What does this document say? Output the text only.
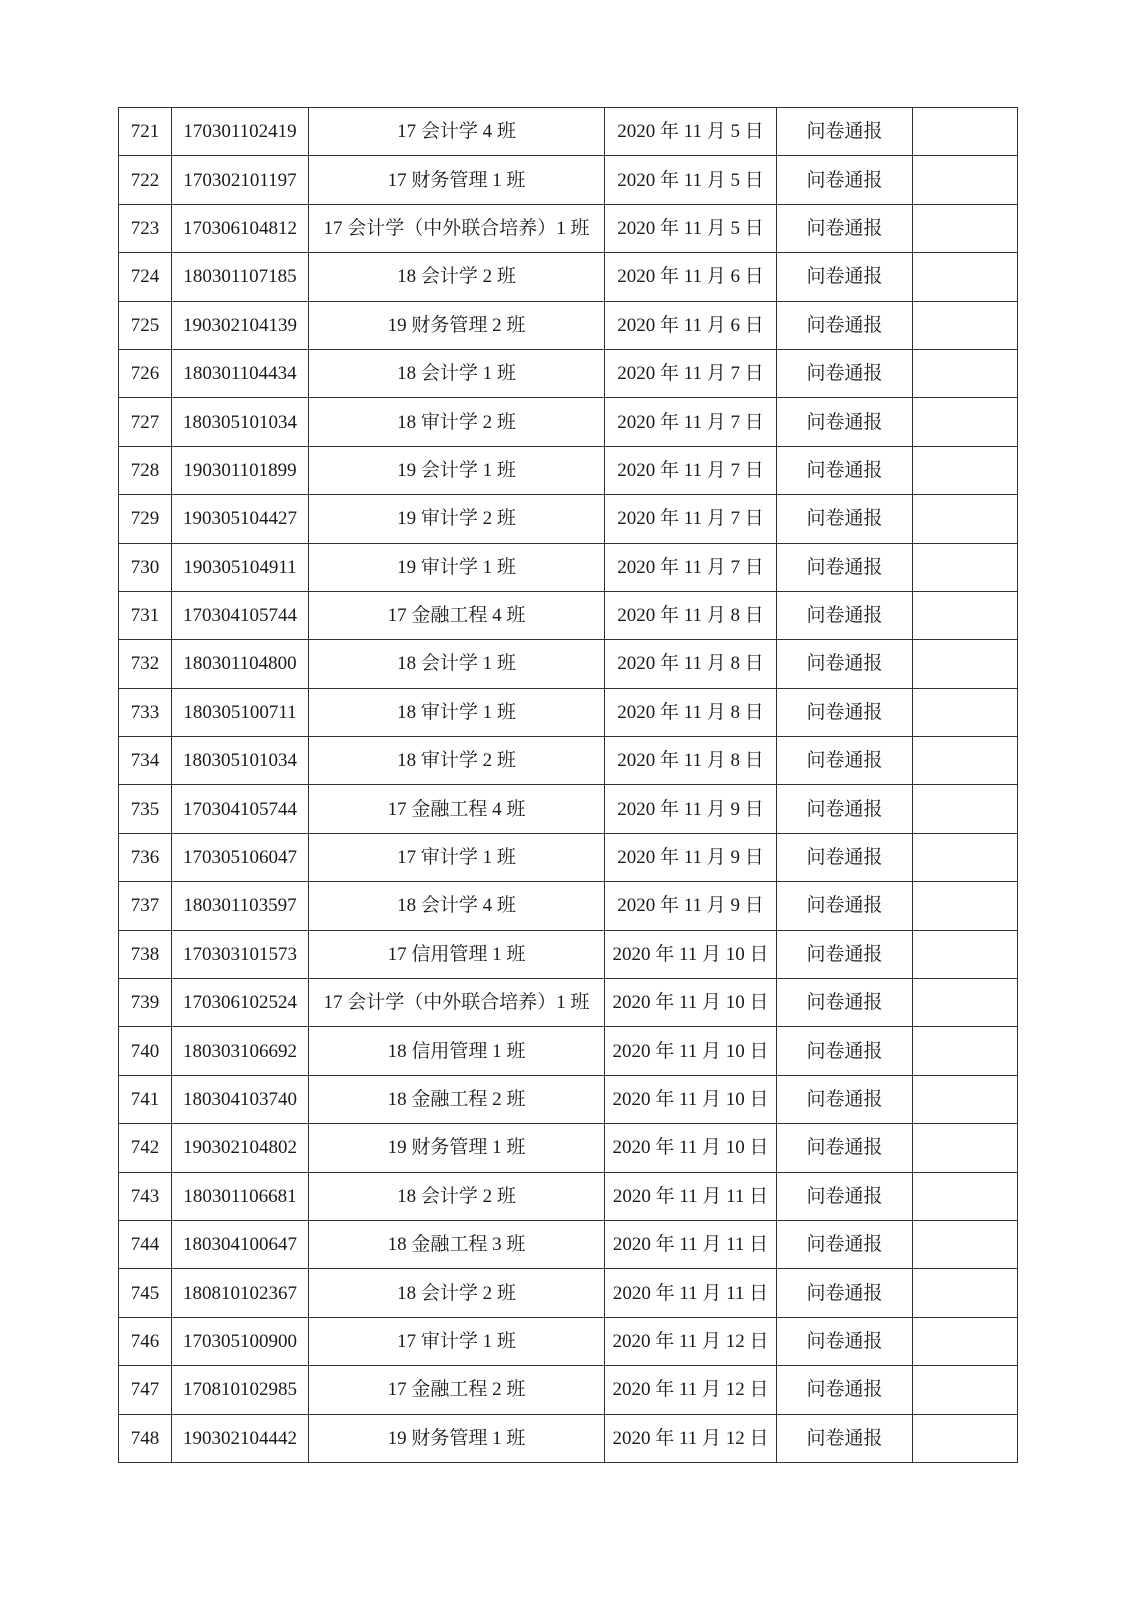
721	170301102419	17 会计学 4 班	2020 年 11 月 5 日	问卷通报	
722	170302101197	17 财务管理 1 班	2020 年 11 月 5 日	问卷通报	
723	170306104812	17 会计学（中外联合培养）1 班	2020 年 11 月 5 日	问卷通报	
724	180301107185	18 会计学 2 班	2020 年 11 月 6 日	问卷通报	
725	190302104139	19 财务管理 2 班	2020 年 11 月 6 日	问卷通报	
726	180301104434	18 会计学 1 班	2020 年 11 月 7 日	问卷通报	
727	180305101034	18 审计学 2 班	2020 年 11 月 7 日	问卷通报	
728	190301101899	19 会计学 1 班	2020 年 11 月 7 日	问卷通报	
729	190305104427	19 审计学 2 班	2020 年 11 月 7 日	问卷通报	
730	190305104911	19 审计学 1 班	2020 年 11 月 7 日	问卷通报	
731	170304105744	17 金融工程 4 班	2020 年 11 月 8 日	问卷通报	
732	180301104800	18 会计学 1 班	2020 年 11 月 8 日	问卷通报	
733	180305100711	18 审计学 1 班	2020 年 11 月 8 日	问卷通报	
734	180305101034	18 审计学 2 班	2020 年 11 月 8 日	问卷通报	
735	170304105744	17 金融工程 4 班	2020 年 11 月 9 日	问卷通报	
736	170305106047	17 审计学 1 班	2020 年 11 月 9 日	问卷通报	
737	180301103597	18 会计学 4 班	2020 年 11 月 9 日	问卷通报	
738	170303101573	17 信用管理 1 班	2020 年 11 月 10 日	问卷通报	
739	170306102524	17 会计学（中外联合培养）1 班	2020 年 11 月 10 日	问卷通报	
740	180303106692	18 信用管理 1 班	2020 年 11 月 10 日	问卷通报	
741	180304103740	18 金融工程 2 班	2020 年 11 月 10 日	问卷通报	
742	190302104802	19 财务管理 1 班	2020 年 11 月 10 日	问卷通报	
743	180301106681	18 会计学 2 班	2020 年 11 月 11 日	问卷通报	
744	180304100647	18 金融工程 3 班	2020 年 11 月 11 日	问卷通报	
745	180810102367	18 会计学 2 班	2020 年 11 月 11 日	问卷通报	
746	170305100900	17 审计学 1 班	2020 年 11 月 12 日	问卷通报	
747	170810102985	17 金融工程 2 班	2020 年 11 月 12 日	问卷通报	
748	190302104442	19 财务管理 1 班	2020 年 11 月 12 日	问卷通报	
